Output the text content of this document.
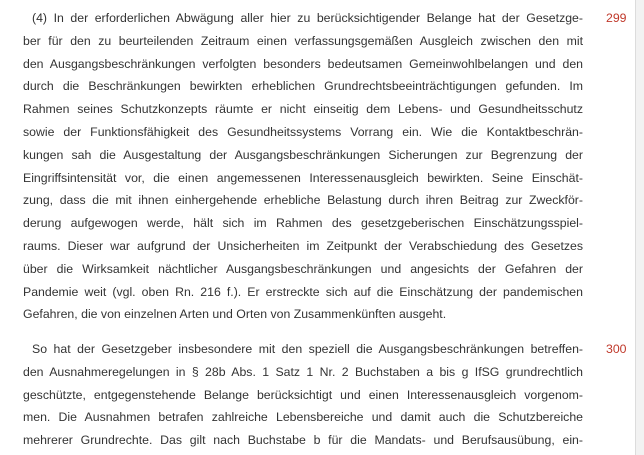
(4) In der erforderlichen Abwägung aller hier zu berücksichtigender Belange hat der Gesetzge-
ber für den zu beurteilenden Zeitraum einen verfassungsgemäßen Ausgleich zwischen den mit
den Ausgangsbeschränkungen verfolgten besonders bedeutsamen Gemeinwohlbelangen und den
durch die Beschränkungen bewirkten erheblichen Grundrechtsbeeinträchtigungen gefunden. Im
Rahmen seines Schutzkonzepts räumte er nicht einseitig dem Lebens- und Gesundheitsschutz
sowie der Funktionsfähigkeit des Gesundheitssystems Vorrang ein. Wie die Kontaktbeschrän-
kungen sah die Ausgestaltung der Ausgangsbeschränkungen Sicherungen zur Begrenzung der
Eingriffsintensität vor, die einen angemessenen Interessenausgleich bewirkten. Seine Einschät-
zung, dass die mit ihnen einhergehende erhebliche Belastung durch ihren Beitrag zur Zweckför-
derung aufgewogen werde, hält sich im Rahmen des gesetzgeberischen Einschätzungsspiel-
raums. Dieser war aufgrund der Unsicherheiten im Zeitpunkt der Verabschiedung des Gesetzes
über die Wirksamkeit nächtlicher Ausgangsbeschränkungen und angesichts der Gefahren der
Pandemie weit (vgl. oben Rn. 216 f.). Er erstreckte sich auf die Einschätzung der pandemischen
Gefahren, die von einzelnen Arten und Orten von Zusammenkünften ausgeht.
299
So hat der Gesetzgeber insbesondere mit den speziell die Ausgangsbeschränkungen betreffen-
den Ausnahmeregelungen in § 28b Abs. 1 Satz 1 Nr. 2 Buchstaben a bis g IfSG grundrechtlich
geschützte, entgegenstehende Belange berücksichtigt und einen Interessenausgleich vorgenom-
men. Die Ausnahmen betrafen zahlreiche Lebensbereiche und damit auch die Schutzbereiche
mehrerer Grundrechte. Das gilt nach Buchstabe b für die Mandats- und Berufsausübung, ein-
300
